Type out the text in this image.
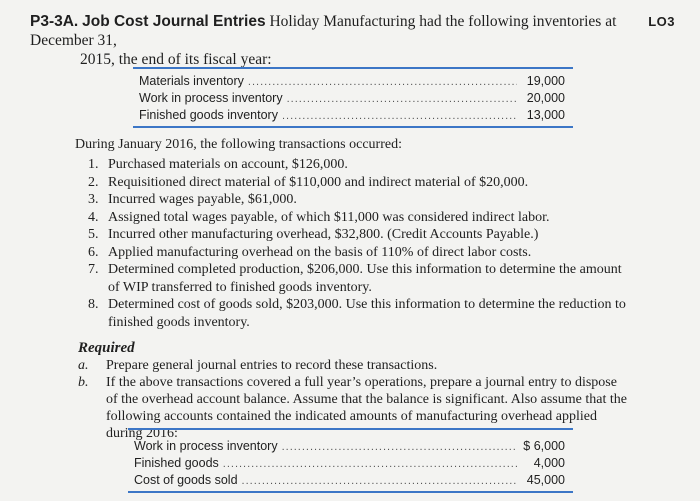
P3-3A. Job Cost Journal Entries Holiday Manufacturing had the following inventories at December 31,
2015, the end of its fiscal year:
LO3
Materials inventory .....	19,000
Work in process inventory .....	20,000
Finished goods inventory .....	13,000
During January 2016, the following transactions occurred:
1. Purchased materials on account, $126,000.
2. Requisitioned direct material of $110,000 and indirect material of $20,000.
3. Incurred wages payable, $61,000.
4. Assigned total wages payable, of which $11,000 was considered indirect labor.
5. Incurred other manufacturing overhead, $32,800. (Credit Accounts Payable.)
6. Applied manufacturing overhead on the basis of 110% of direct labor costs.
7. Determined completed production, $206,000. Use this information to determine the amount of WIP transferred to finished goods inventory.
8. Determined cost of goods sold, $203,000. Use this information to determine the reduction to finished goods inventory.
Required
a.	Prepare general journal entries to record these transactions.
b.	If the above transactions covered a full year’s operations, prepare a journal entry to dispose of the overhead account balance. Assume that the balance is significant. Also assume that the following accounts contained the indicated amounts of manufacturing overhead applied during 2016:
Work in process inventory .....	$ 6,000
Finished goods .....	4,000
Cost of goods sold .....	45,000
